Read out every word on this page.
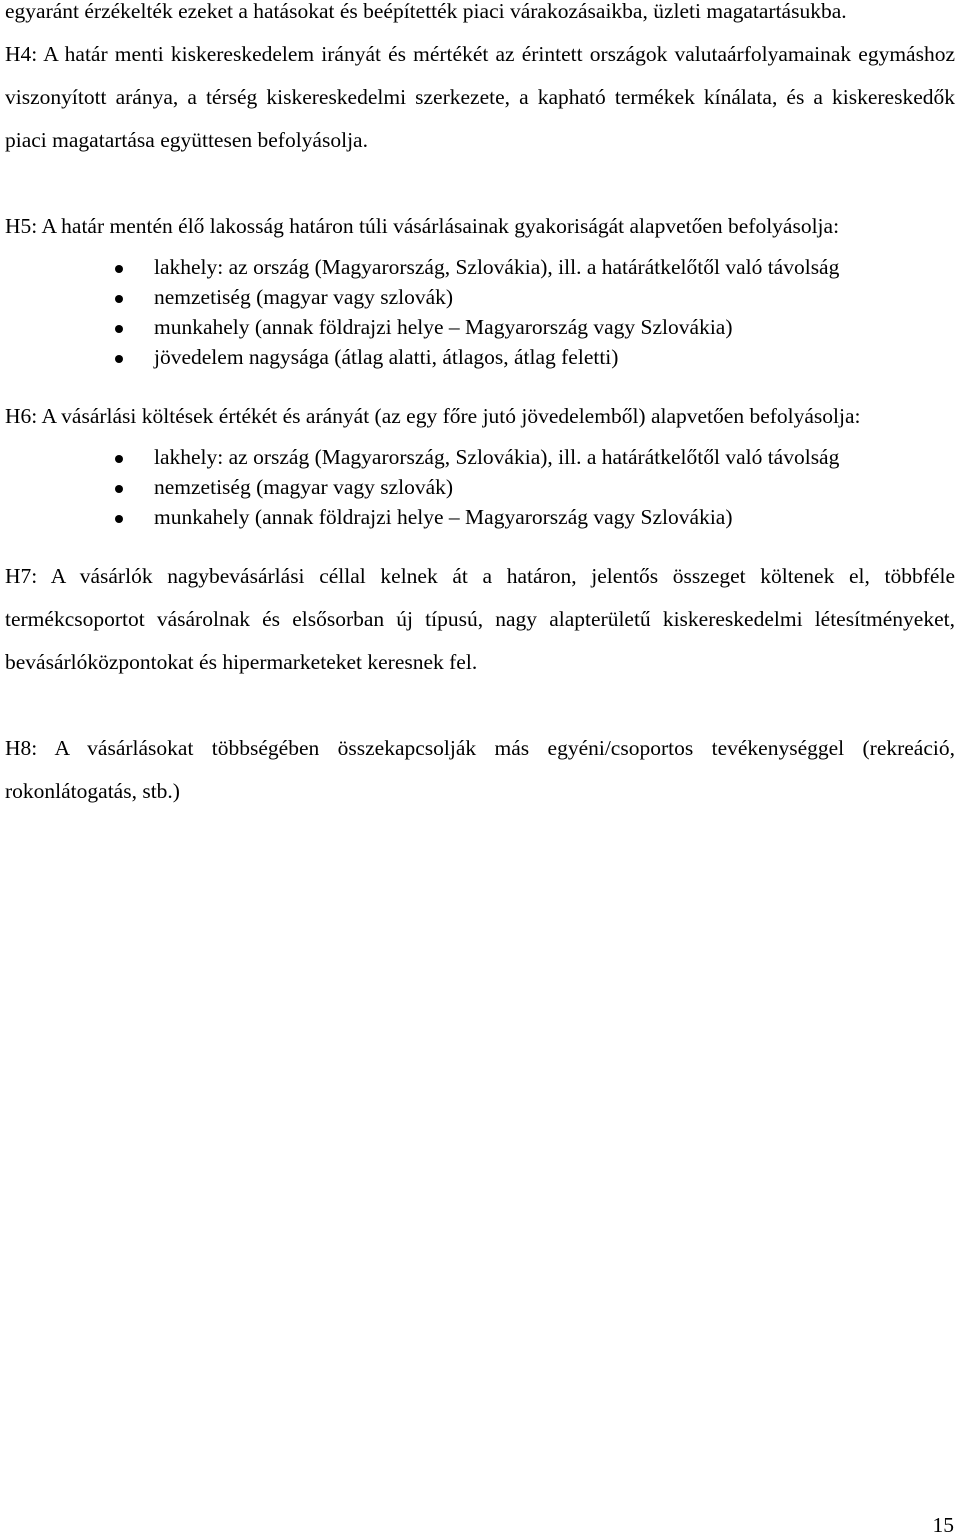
egyaránt érzékelték ezeket a hatásokat és beépítették piaci várakozásaikba, üzleti magatartásukba.

H4: A határ menti kiskereskedelem irányát és mértékét az érintett országok valutaárfolyamainak egymáshoz viszonyított aránya, a térség kiskereskedelmi szerkezete, a kapható termékek kínálata, és a kiskereskedők piaci magatartása együttesen befolyásolja.

H5: A határ mentén élő lakosság határon túli vásárlásainak gyakoriságát alapvetően befolyásolja:

lakhely: az ország (Magyarország, Szlovákia), ill. a határátkelőtől való távolság
nemzetiség (magyar vagy szlovák)
munkahely (annak földrajzi helye – Magyarország vagy Szlovákia)
jövedelem nagysága (átlag alatti, átlagos, átlag feletti)

H6: A vásárlási költések értékét és arányát (az egy főre jutó jövedelemből) alapvetően befolyásolja:

lakhely: az ország (Magyarország, Szlovákia), ill. a határátkelőtől való távolság
nemzetiség (magyar vagy szlovák)
munkahely (annak földrajzi helye – Magyarország vagy Szlovákia)

H7: A vásárlók nagybevásárlási céllal kelnek át a határon, jelentős összeget költenek el, többféle termékcsoportot vásárolnak és elsősorban új típusú, nagy alapterületű kiskereskedelmi létesítményeket, bevásárlóközpontokat és hipermarketeket keresnek fel.

H8: A vásárlásokat többségében összekapcsolják más egyéni/csoportos tevékenységgel (rekreáció, rokonlátogatás, stb.)

15
